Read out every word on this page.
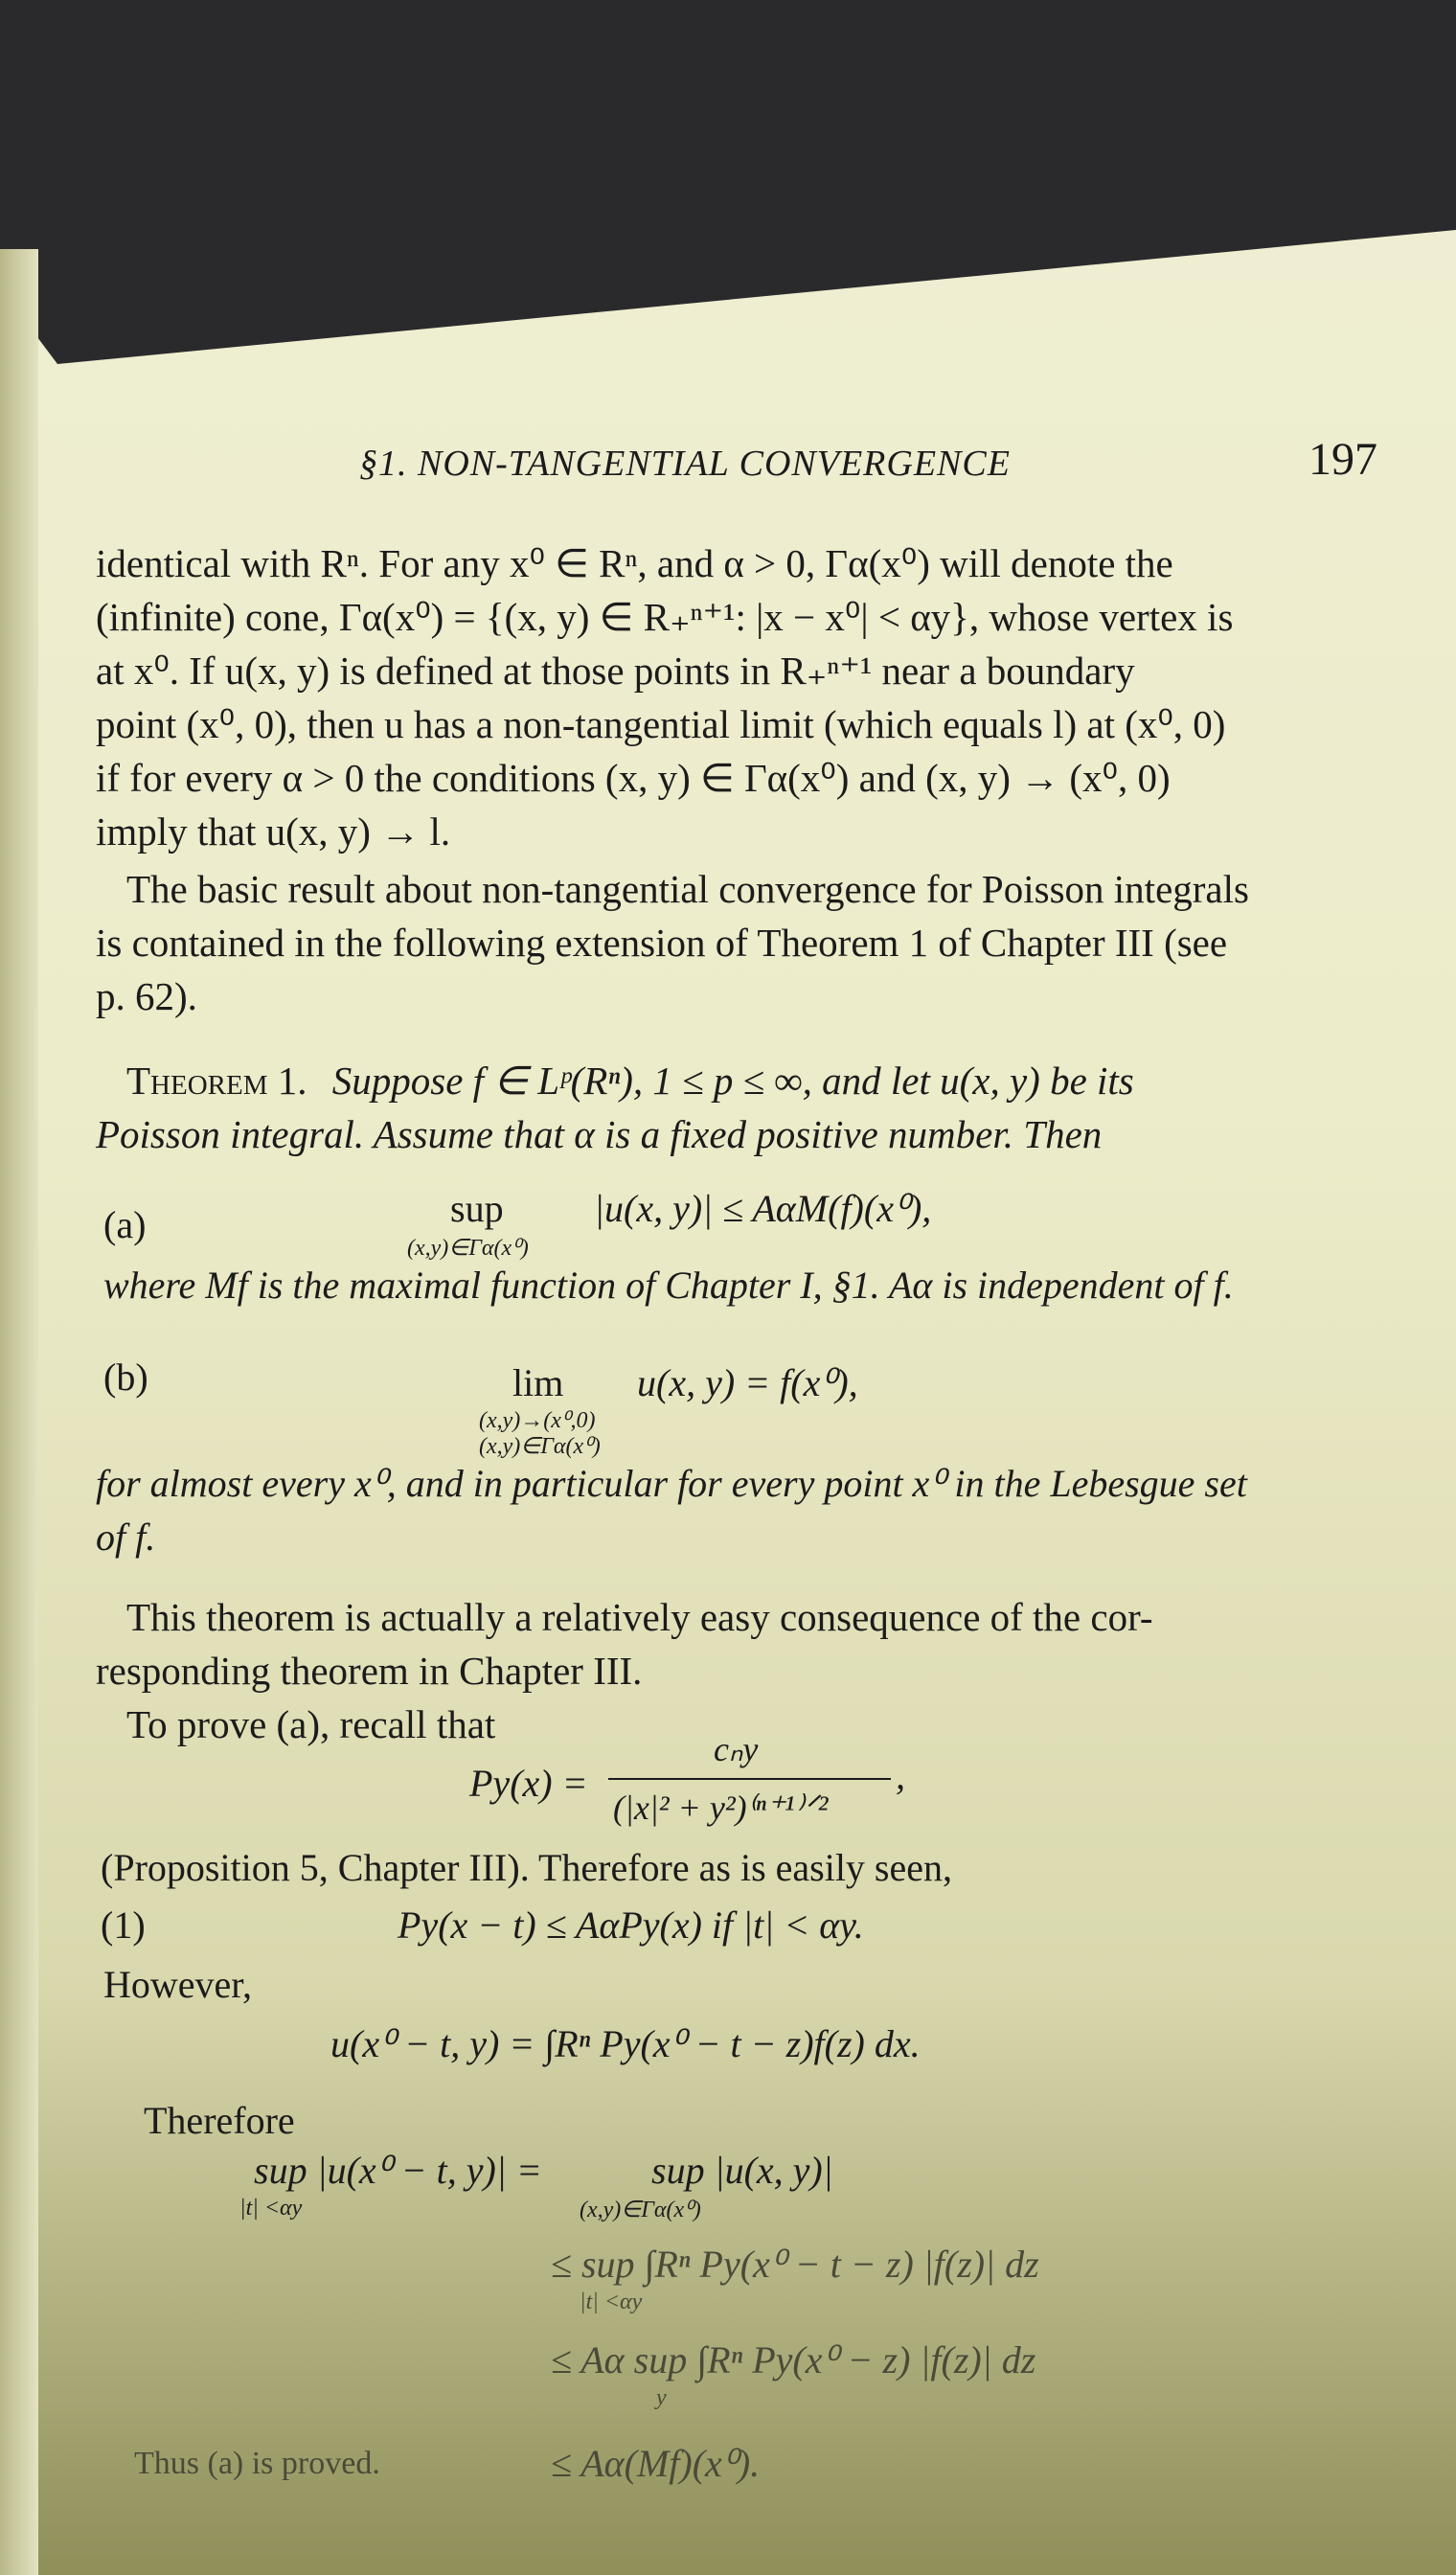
§1. NON-TANGENTIAL CONVERGENCE	197
identical with Rⁿ. For any x⁰ ∈ Rⁿ, and α > 0, Γα(x⁰) will denote the
(infinite) cone, Γα(x⁰) = {(x, y) ∈ R₊ⁿ⁺¹: |x − x⁰| < αy}, whose vertex is
at x⁰. If u(x, y) is defined at those points in R₊ⁿ⁺¹ near a boundary
point (x⁰, 0), then u has a non-tangential limit (which equals l) at (x⁰, 0)
if for every α > 0 the conditions (x, y) ∈ Γα(x⁰) and (x, y) → (x⁰, 0)
imply that u(x, y) → l.
The basic result about non-tangential convergence for Poisson integrals
is contained in the following extension of Theorem 1 of Chapter III (see
p. 62).
Theorem 1. Suppose f ∈ Lᵖ(Rⁿ), 1 ≤ p ≤ ∞, and let u(x, y) be its
Poisson integral. Assume that α is a fixed positive number. Then
(a)	sup
(x,y)∈Γα(x⁰)
|u(x, y)| ≤ AαM(f)(x⁰),
where Mf is the maximal function of Chapter I, §1. Aα is independent of f.
(b)	lim
(x,y)→(x⁰,0)
(x,y)∈Γα(x⁰)
u(x, y) = f(x⁰),
for almost every x⁰, and in particular for every point x⁰ in the Lebesgue set
of f.
This theorem is actually a relatively easy consequence of the cor-
responding theorem in Chapter III.
To prove (a), recall that
Py(x) =
cₙy
(|x|² + y²)⁽ⁿ⁺¹⁾ᐟ²
,
(Proposition 5, Chapter III). Therefore as is easily seen,
(1)	Py(x − t) ≤ AαPy(x) if |t| < αy.
However,
u(x⁰ − t, y) = ∫Rⁿ Py(x⁰ − t − z)f(z) dx.
Therefore
sup |u(x⁰ − t, y)| =
|t| <αy
sup |u(x, y)|
(x,y)∈Γα(x⁰)
≤ sup ∫Rⁿ Py(x⁰ − t − z) |f(z)| dz
|t| <αy
≤ Aα sup ∫Rⁿ Py(x⁰ − z) |f(z)| dz
y
≤ Aα(Mf)(x⁰).
Thus (a) is proved.
